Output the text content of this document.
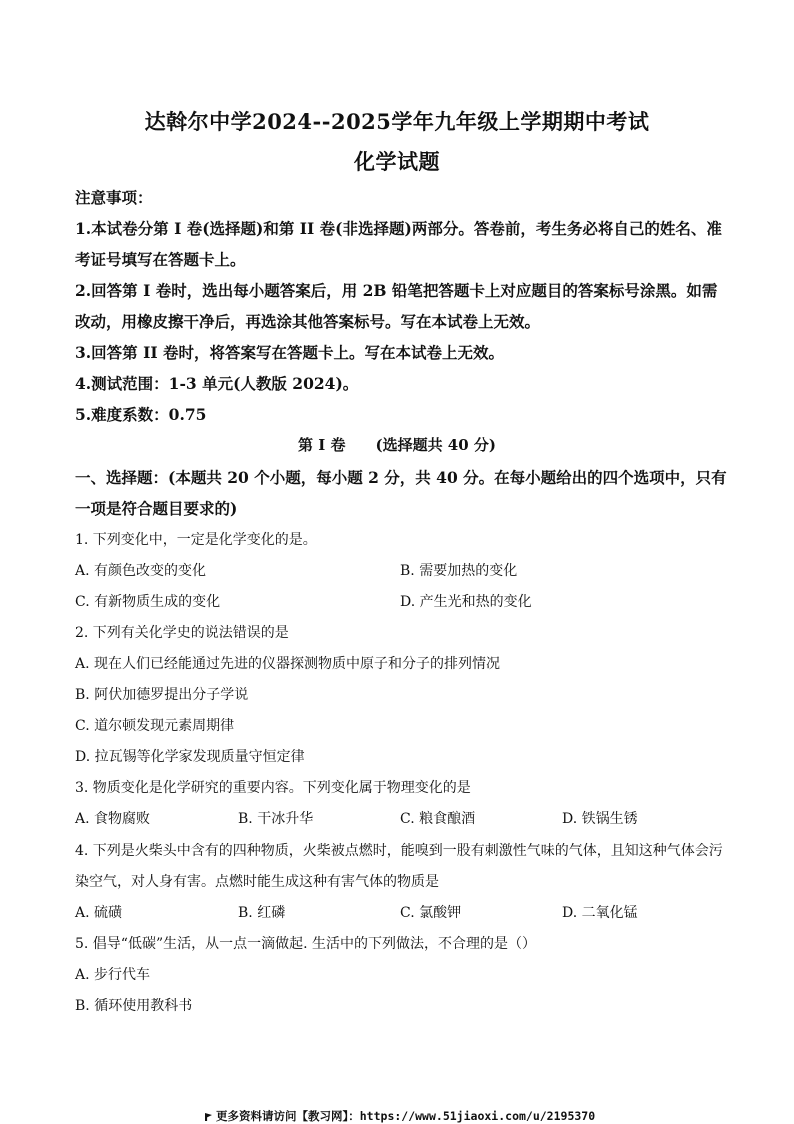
达斡尔中学2024--2025学年九年级上学期期中考试
化学试题
注意事项：
1.本试卷分第 I 卷(选择题)和第 II 卷(非选择题)两部分。答卷前，考生务必将自己的姓名、准
考证号填写在答题卡上。
2.回答第 I 卷时，选出每小题答案后，用 2B 铅笔把答题卡上对应题目的答案标号涂黑。如需
改动，用橡皮擦干净后，再选涂其他答案标号。写在本试卷上无效。
3.回答第 II 卷时，将答案写在答题卡上。写在本试卷上无效。
4.测试范围：1-3 单元(人教版 2024)。
5.难度系数：0.75
第 I 卷 (选择题共 40 分)
一、选择题：(本题共 20 个小题，每小题 2 分，共 40 分。在每小题给出的四个选项中，只有
一项是符合题目要求的)
1. 下列变化中，一定是化学变化的是。
A. 有颜色改变的变化	B. 需要加热的变化
C. 有新物质生成的变化	D. 产生光和热的变化
2. 下列有关化学史的说法错误的是
A. 现在人们已经能通过先进的仪器探测物质中原子和分子的排列情况
B. 阿伏加德罗提出分子学说
C. 道尔顿发现元素周期律
D. 拉瓦锡等化学家发现质量守恒定律
3. 物质变化是化学研究的重要内容。下列变化属于物理变化的是
A. 食物腐败	B. 干冰升华	C. 粮食酿酒	D. 铁锅生锈
4. 下列是火柴头中含有的四种物质，火柴被点燃时，能嗅到一股有刺激性气味的气体，且知这种气体会污
染空气，对人身有害。点燃时能生成这种有害气体的物质是
A. 硫磺	B. 红磷	C. 氯酸钾	D. 二氧化锰
5. 倡导“低碳”生活，从一点一滴做起. 生活中的下列做法，不合理的是（）
A. 步行代车
B. 循环使用教科书
更多资料请访问【教习网】：https://www.51jiaoxi.com/u/2195370
